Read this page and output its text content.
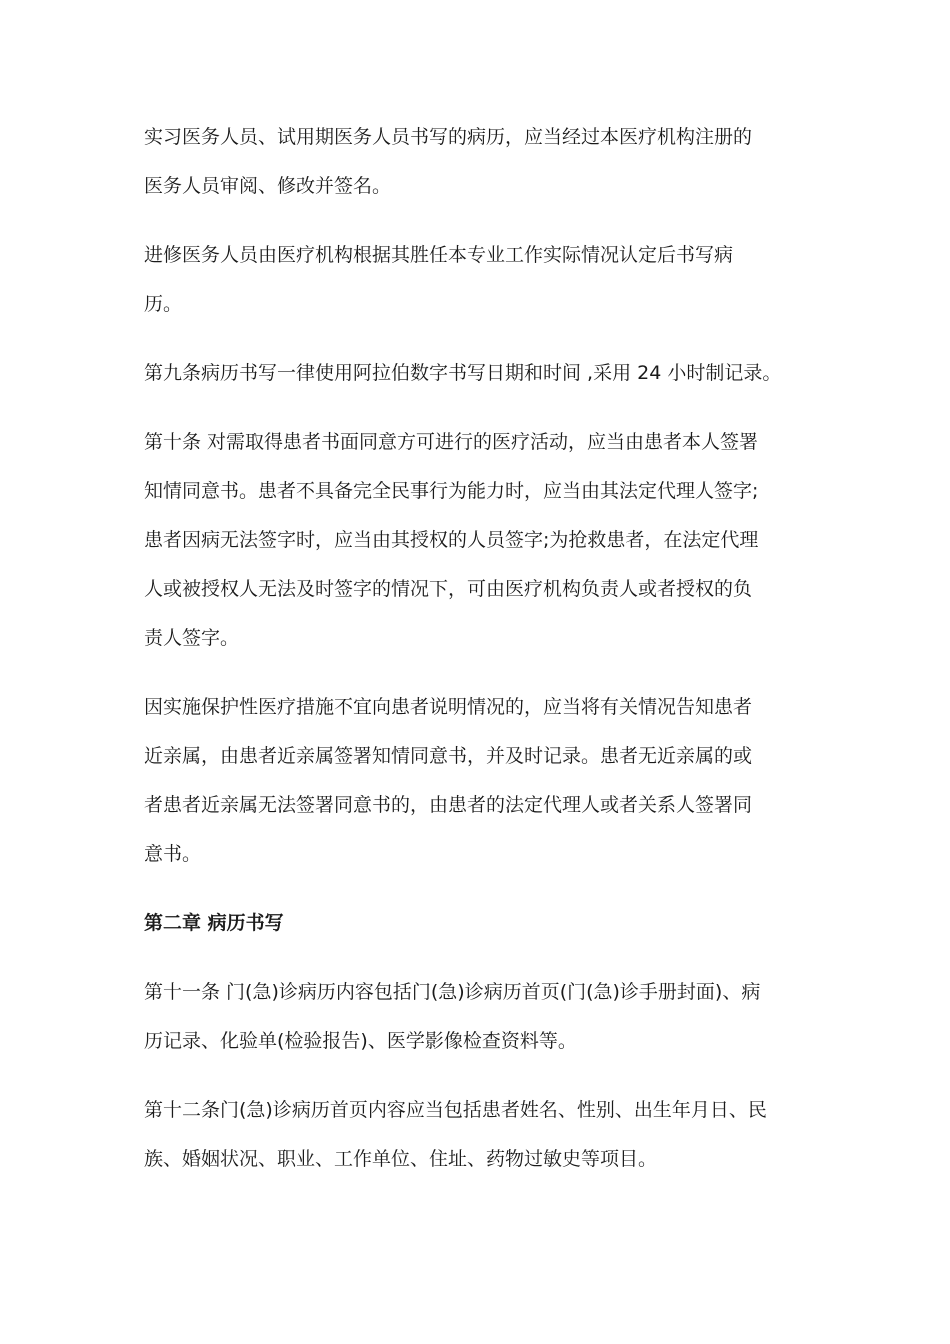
实习医务人员、试用期医务人员书写的病历，应当经过本医疗机构注册的
医务人员审阅、修改并签名。
进修医务人员由医疗机构根据其胜任本专业工作实际情况认定后书写病
历。
第九条病历书写一律使用阿拉伯数字书写日期和时间 ,采用 24 小时制记录。
第十条 对需取得患者书面同意方可进行的医疗活动，应当由患者本人签署
知情同意书。患者不具备完全民事行为能力时，应当由其法定代理人签字;
患者因病无法签字时，应当由其授权的人员签字;为抢救患者，在法定代理
人或被授权人无法及时签字的情况下，可由医疗机构负责人或者授权的负
责人签字。
因实施保护性医疗措施不宜向患者说明情况的，应当将有关情况告知患者
近亲属，由患者近亲属签署知情同意书，并及时记录。患者无近亲属的或
者患者近亲属无法签署同意书的，由患者的法定代理人或者关系人签署同
意书。
第二章 病历书写
第十一条 门(急)诊病历内容包括门(急)诊病历首页(门(急)诊手册封面)、病
历记录、化验单(检验报告)、医学影像检查资料等。
第十二条门(急)诊病历首页内容应当包括患者姓名、性别、出生年月日、民
族、婚姻状况、职业、工作单位、住址、药物过敏史等项目。
